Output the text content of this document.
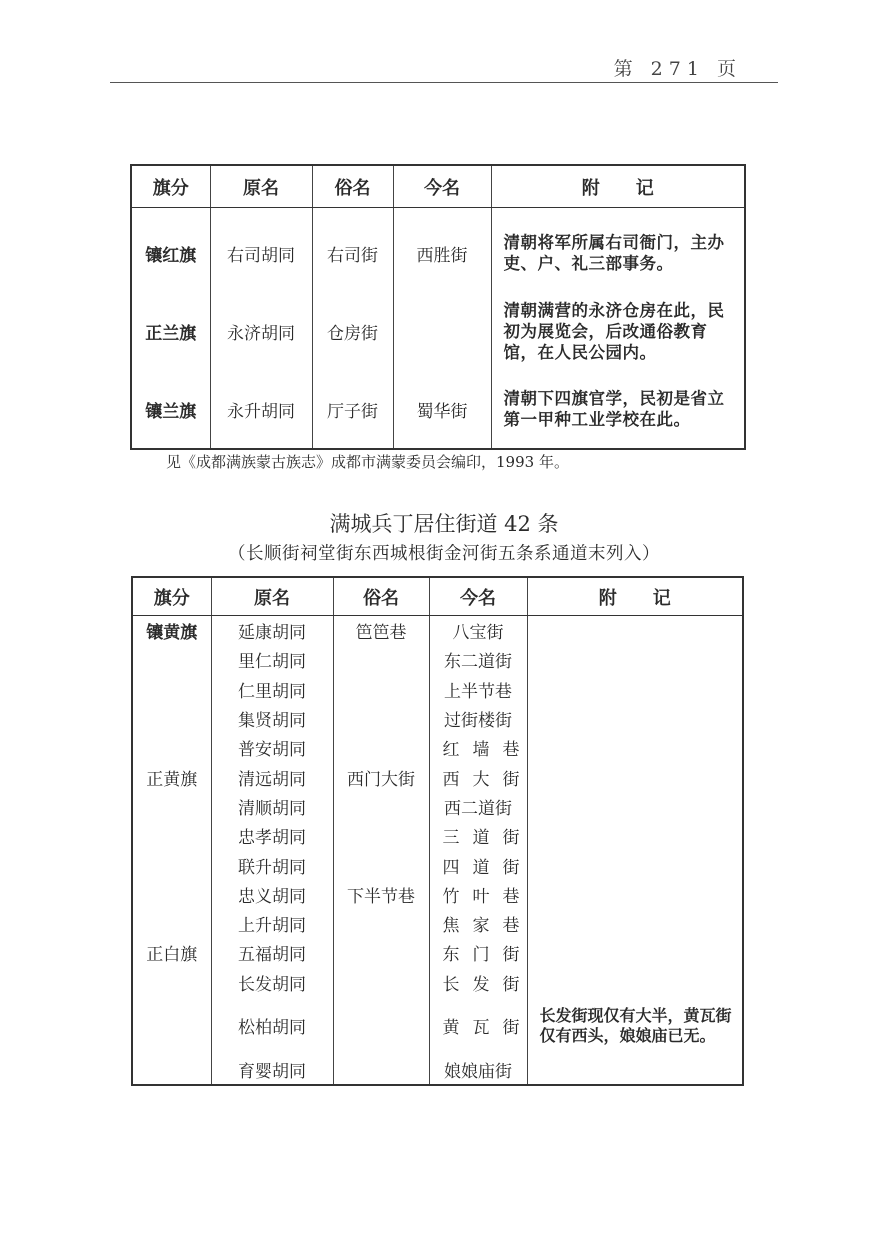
第 271 页
旗分	原名	俗名	今名	附　　记
镶红旗	右司胡同	右司街	西胜街	清朝将军所属右司衙门，主办吏、户、礼三部事务。
正兰旗	永济胡同	仓房街		清朝满营的永济仓房在此，民初为展览会，后改通俗教育馆，在人民公园内。
镶兰旗	永升胡同	厅子街	蜀华街	清朝下四旗官学，民初是省立第一甲种工业学校在此。
见《成都满族蒙古族志》成都市满蒙委员会编印，1993 年。
满城兵丁居住街道 42 条
（长顺街祠堂街东西城根街金河街五条系通道末列入）
旗分	原名	俗名	今名	附　　记
镶黄旗	延康胡同	笆笆巷	八宝街	
	里仁胡同		东二道街	
	仁里胡同		上半节巷	
	集贤胡同		过街楼街	
	普安胡同		红墙巷	
正黄旗	清远胡同	西门大街	西大街	
	清顺胡同		西二道街	
	忠孝胡同		三道街	
	联升胡同		四道街	
	忠义胡同	下半节巷	竹叶巷	
	上升胡同		焦家巷	
正白旗	五福胡同		东门街	
	长发胡同		长发街	
	松柏胡同		黄瓦街	长发街现仅有大半，黄瓦街仅有西头，娘娘庙已无。
	育婴胡同		娘娘庙街	
